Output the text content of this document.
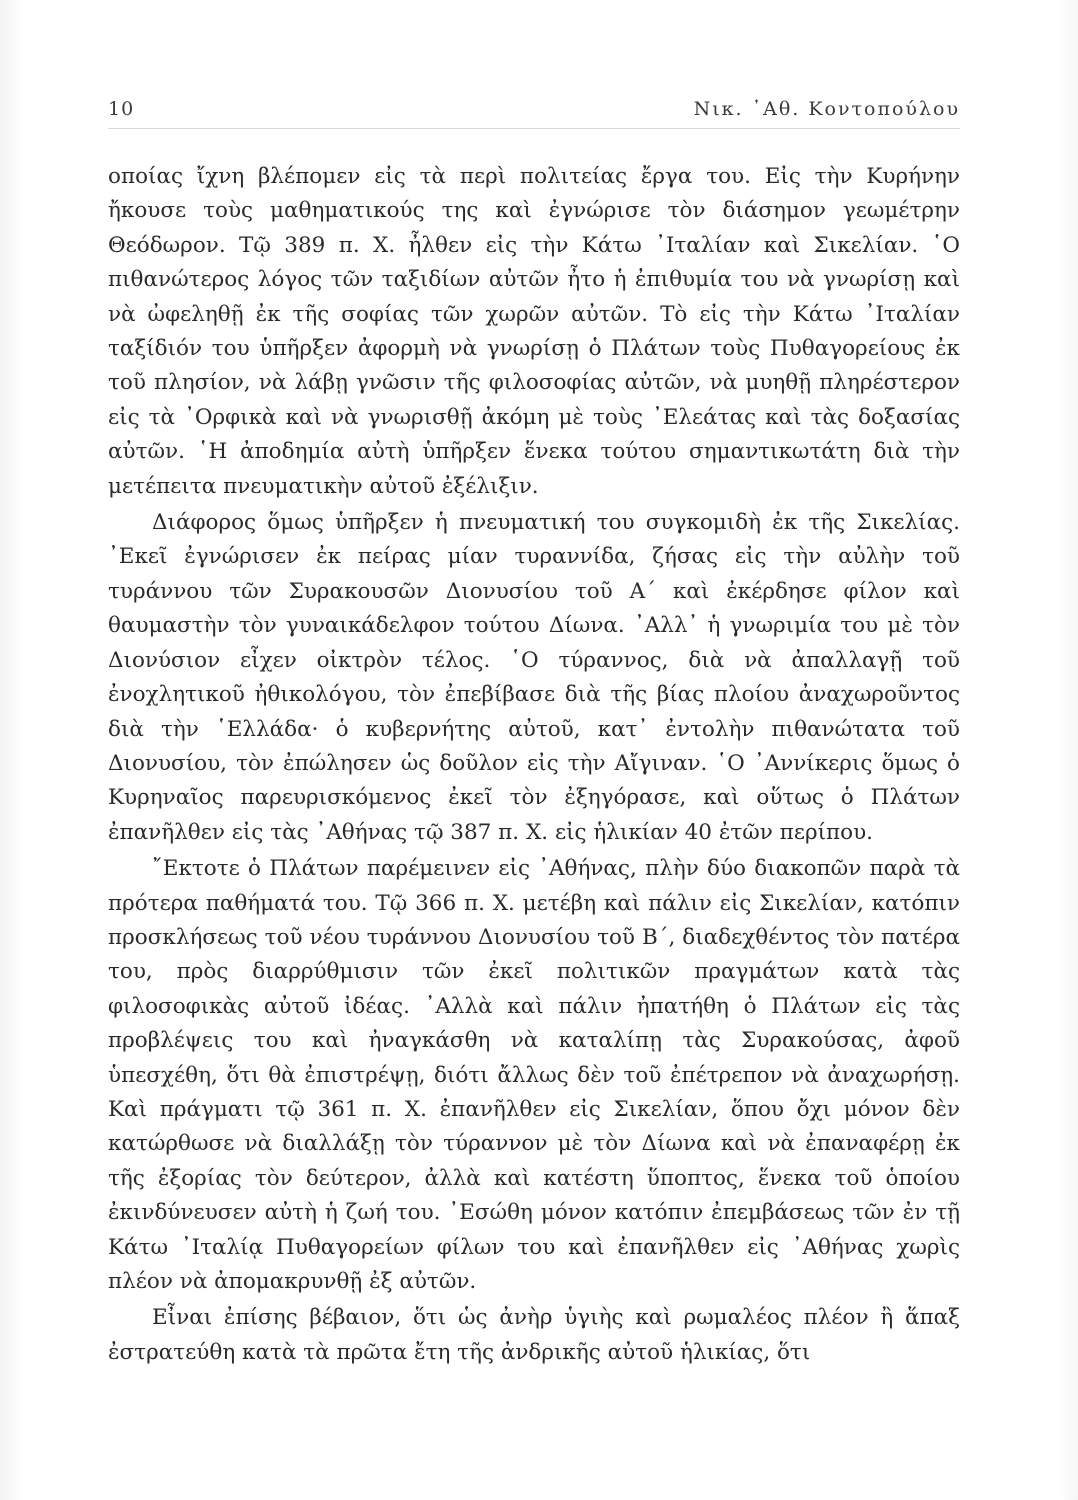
10	Νικ. ᾽Αθ. Κοντοπούλου

οποίας ἴχνη βλέπομεν εἰς τὰ περὶ πολιτείας ἔργα του. Εἰς τὴν Κυρήνην ἤκουσε τοὺς μαθηματικούς της καὶ ἐγνώρισε τὸν διάσημον γεωμέτρην Θεόδωρον. Τῷ 389 π. Χ. ἦλθεν εἰς τὴν Κάτω ᾽Ιταλίαν καὶ Σικελίαν. ῾Ο πιθανώτερος λόγος τῶν ταξιδίων αὐτῶν ἦτο ἡ ἐπιθυμία του νὰ γνωρίσῃ καὶ νὰ ὠφεληθῇ ἐκ τῆς σοφίας τῶν χωρῶν αὐτῶν. Τὸ εἰς τὴν Κάτω ᾽Ιταλίαν ταξίδιόν του ὑπῆρξεν ἀφορμὴ νὰ γνωρίσῃ ὁ Πλάτων τοὺς Πυθαγορείους ἐκ τοῦ πλησίον, νὰ λάβῃ γνῶσιν τῆς φιλοσοφίας αὐτῶν, νὰ μυηθῇ πληρέστερον εἰς τὰ ᾽Ορφικὰ καὶ νὰ γνωρισθῇ ἀκόμη μὲ τοὺς ᾽Ελεάτας καὶ τὰς δοξασίας αὐτῶν. ῾Η ἀποδημία αὐτὴ ὑπῆρξεν ἕνεκα τούτου σημαντικωτάτη διὰ τὴν μετέπειτα πνευματικὴν αὐτοῦ ἐξέλιξιν.

Διάφορος ὅμως ὑπῆρξεν ἡ πνευματική του συγκομιδὴ ἐκ τῆς Σικελίας. ᾽Εκεῖ ἐγνώρισεν ἐκ πείρας μίαν τυραννίδα, ζήσας εἰς τὴν αὐλὴν τοῦ τυράννου τῶν Συρακουσῶν Διονυσίου τοῦ Α΄ καὶ ἐκέρδησε φίλον καὶ θαυμαστὴν τὸν γυναικάδελφον τούτου Δίωνα. ᾽Αλλ᾽ ἡ γνωριμία του μὲ τὸν Διονύσιον εἶχεν οἰκτρὸν τέλος. ῾Ο τύραννος, διὰ νὰ ἀπαλλαγῇ τοῦ ἐνοχλητικοῦ ἠθικολόγου, τὸν ἐπεβίβασε διὰ τῆς βίας πλοίου ἀναχωροῦντος διὰ τὴν ῾Ελλάδα· ὁ κυβερνήτης αὐτοῦ, κατ᾽ ἐντολὴν πιθανώτατα τοῦ Διονυσίου, τὸν ἐπώλησεν ὡς δοῦλον εἰς τὴν Αἴγιναν. ῾Ο ᾽Αννίκερις ὅμως ὁ Κυρηναῖος παρευρισκόμενος ἐκεῖ τὸν ἐξηγόρασε, καὶ οὕτως ὁ Πλάτων ἐπανῆλθεν εἰς τὰς ᾽Αθήνας τῷ 387 π. Χ. εἰς ἡλικίαν 40 ἐτῶν περίπου.

῎Εκτοτε ὁ Πλάτων παρέμεινεν εἰς ᾽Αθήνας, πλὴν δύο διακοπῶν παρὰ τὰ πρότερα παθήματά του. Τῷ 366 π. Χ. μετέβη καὶ πάλιν εἰς Σικελίαν, κατόπιν προσκλήσεως τοῦ νέου τυράννου Διονυσίου τοῦ Β΄, διαδεχθέντος τὸν πατέρα του, πρὸς διαρρύθμισιν τῶν ἐκεῖ πολιτικῶν πραγμάτων κατὰ τὰς φιλοσοφικὰς αὐτοῦ ἰδέας. ᾽Αλλὰ καὶ πάλιν ἠπατήθη ὁ Πλάτων εἰς τὰς προβλέψεις του καὶ ἠναγκάσθη νὰ καταλίπῃ τὰς Συρακούσας, ἀφοῦ ὑπεσχέθη, ὅτι θὰ ἐπιστρέψῃ, διότι ἄλλως δὲν τοῦ ἐπέτρεπον νὰ ἀναχωρήσῃ. Καὶ πράγματι τῷ 361 π. Χ. ἐπανῆλθεν εἰς Σικελίαν, ὅπου ὄχι μόνον δὲν κατώρθωσε νὰ διαλλάξῃ τὸν τύραννον μὲ τὸν Δίωνα καὶ νὰ ἐπαναφέρῃ ἐκ τῆς ἐξορίας τὸν δεύτερον, ἀλλὰ καὶ κατέστη ὕποπτος, ἕνεκα τοῦ ὁποίου ἐκινδύνευσεν αὐτὴ ἡ ζωή του. ᾽Εσώθη μόνον κατόπιν ἐπεμβάσεως τῶν ἐν τῇ Κάτω ᾽Ιταλίᾳ Πυθαγορείων φίλων του καὶ ἐπανῆλθεν εἰς ᾽Αθήνας χωρὶς πλέον νὰ ἀπομακρυνθῇ ἐξ αὐτῶν.

Εἶναι ἐπίσης βέβαιον, ὅτι ὡς ἀνὴρ ὑγιὴς καὶ ρωμαλέος πλέον ἢ ἅπαξ ἐστρατεύθη κατὰ τὰ πρῶτα ἔτη τῆς ἀνδρικῆς αὐτοῦ ἡλικίας, ὅτι
